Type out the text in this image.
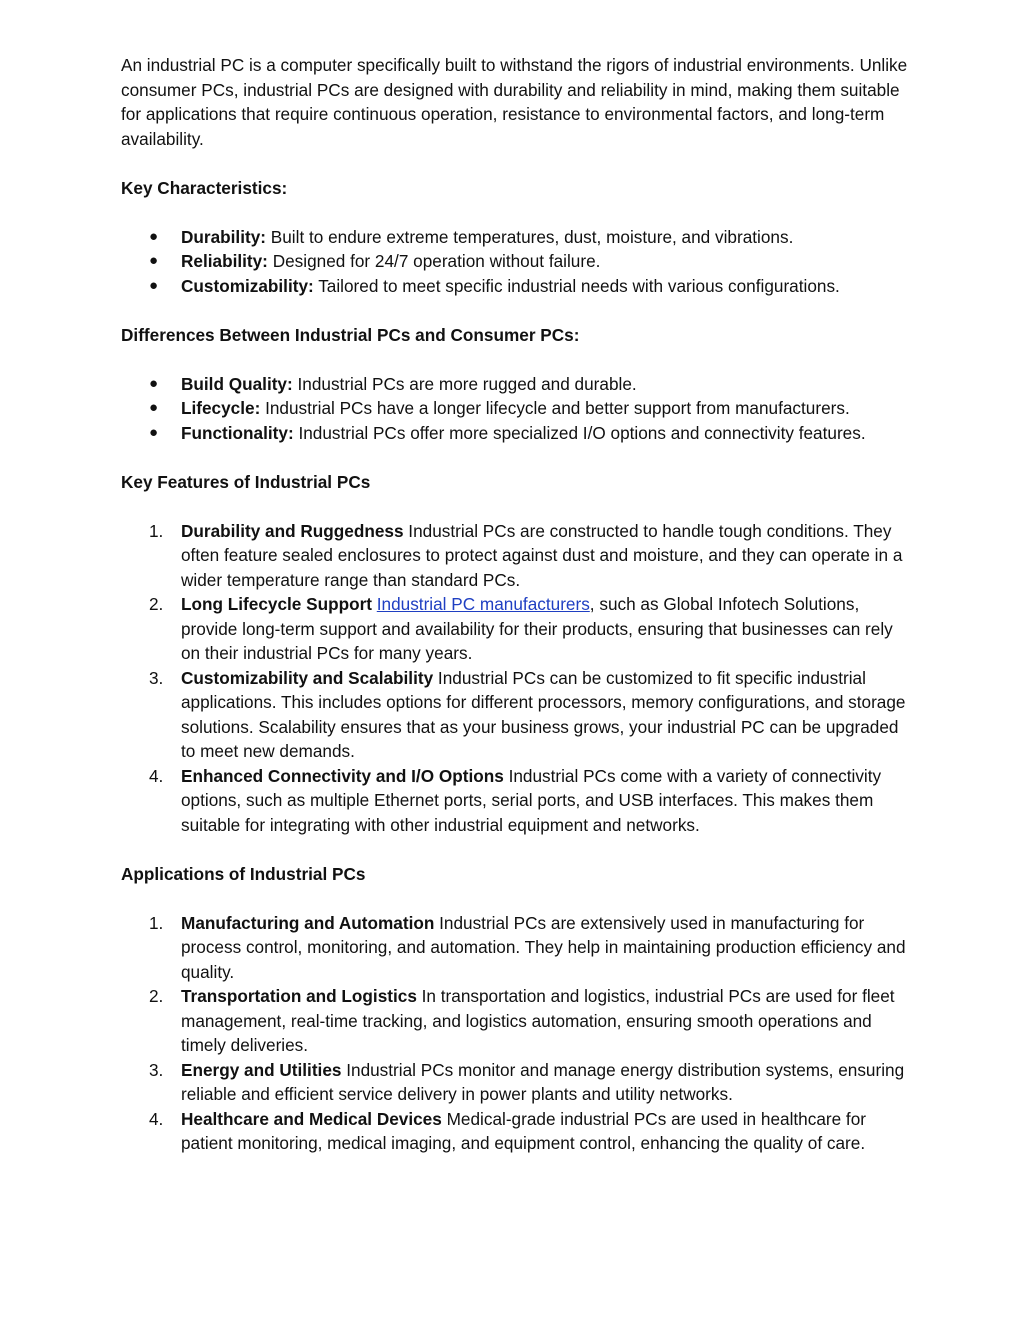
An industrial PC is a computer specifically built to withstand the rigors of industrial environments. Unlike consumer PCs, industrial PCs are designed with durability and reliability in mind, making them suitable for applications that require continuous operation, resistance to environmental factors, and long-term availability.

Key Characteristics:

● Durability: Built to endure extreme temperatures, dust, moisture, and vibrations.
● Reliability: Designed for 24/7 operation without failure.
● Customizability: Tailored to meet specific industrial needs with various configurations.

Differences Between Industrial PCs and Consumer PCs:

● Build Quality: Industrial PCs are more rugged and durable.
● Lifecycle: Industrial PCs have a longer lifecycle and better support from manufacturers.
● Functionality: Industrial PCs offer more specialized I/O options and connectivity features.

Key Features of Industrial PCs

1. Durability and Ruggedness Industrial PCs are constructed to handle tough conditions. They often feature sealed enclosures to protect against dust and moisture, and they can operate in a wider temperature range than standard PCs.
2. Long Lifecycle Support Industrial PC manufacturers, such as Global Infotech Solutions, provide long-term support and availability for their products, ensuring that businesses can rely on their industrial PCs for many years.
3. Customizability and Scalability Industrial PCs can be customized to fit specific industrial applications. This includes options for different processors, memory configurations, and storage solutions. Scalability ensures that as your business grows, your industrial PC can be upgraded to meet new demands.
4. Enhanced Connectivity and I/O Options Industrial PCs come with a variety of connectivity options, such as multiple Ethernet ports, serial ports, and USB interfaces. This makes them suitable for integrating with other industrial equipment and networks.

Applications of Industrial PCs

1. Manufacturing and Automation Industrial PCs are extensively used in manufacturing for process control, monitoring, and automation. They help in maintaining production efficiency and quality.
2. Transportation and Logistics In transportation and logistics, industrial PCs are used for fleet management, real-time tracking, and logistics automation, ensuring smooth operations and timely deliveries.
3. Energy and Utilities Industrial PCs monitor and manage energy distribution systems, ensuring reliable and efficient service delivery in power plants and utility networks.
4. Healthcare and Medical Devices Medical-grade industrial PCs are used in healthcare for patient monitoring, medical imaging, and equipment control, enhancing the quality of care.
